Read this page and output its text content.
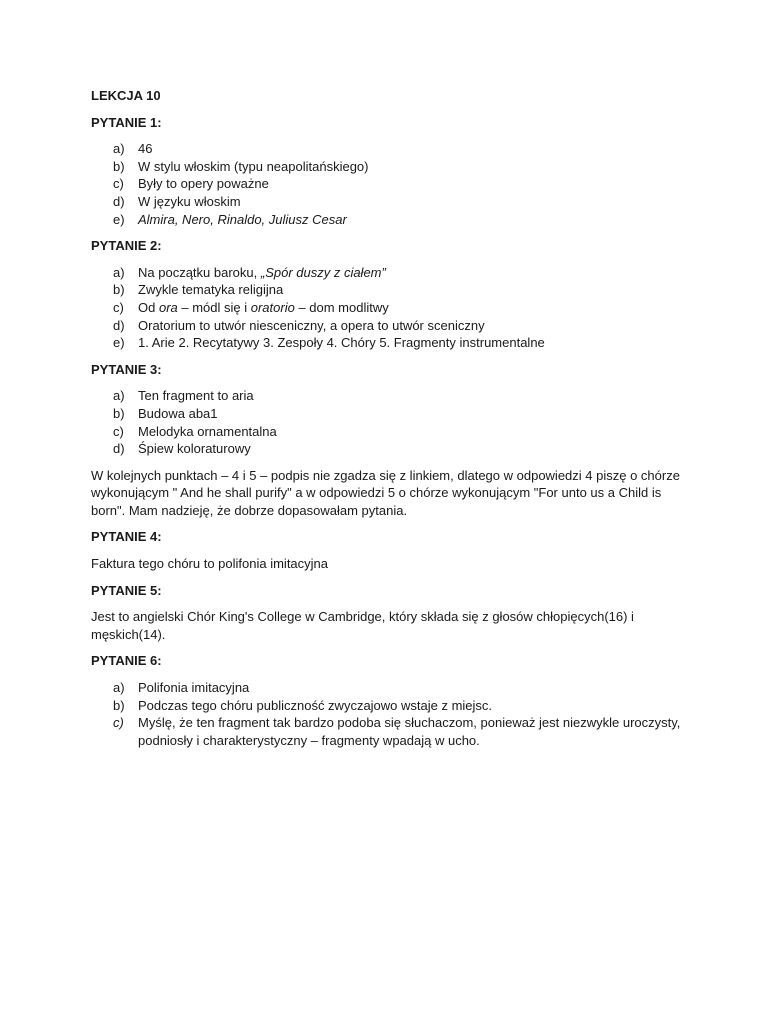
LEKCJA 10
PYTANIE 1:
a) 46
b) W stylu włoskim (typu neapolitańskiego)
c) Były to opery poważne
d) W języku włoskim
e) Almira, Nero, Rinaldo, Juliusz Cesar
PYTANIE 2:
a) Na początku baroku, „Spór duszy z ciałem”
b) Zwykle tematyka religijna
c) Od ora – módl się i oratorio – dom modlitwy
d) Oratorium to utwór niesceniczny, a opera to utwór sceniczny
e) 1. Arie 2. Recytatywy 3. Zespoły 4. Chóry 5. Fragmenty instrumentalne
PYTANIE 3:
a) Ten fragment to aria
b) Budowa aba1
c) Melodyka ornamentalna
d) Śpiew koloraturowy

W kolejnych punktach – 4 i 5 – podpis nie zgadza się z linkiem, dlatego w odpowiedzi 4 piszę o chórze wykonującym " And he shall purify" a w odpowiedzi 5 o chórze wykonującym "For unto us a Child is born". Mam nadzieję, że dobrze dopasowałam pytania.

PYTANIE 4:

Faktura tego chóru to polifonia imitacyjna

PYTANIE 5:

Jest to angielski Chór King's College w Cambridge, który składa się z głosów chłopięcych(16) i męskich(14).

PYTANIE 6:
a) Polifonia imitacyjna
b) Podczas tego chóru publiczność zwyczajowo wstaje z miejsc.
c) Myślę, że ten fragment tak bardzo podoba się słuchaczom, ponieważ jest niezwykle uroczysty, podniosły i charakterystyczny – fragmenty wpadają w ucho.
